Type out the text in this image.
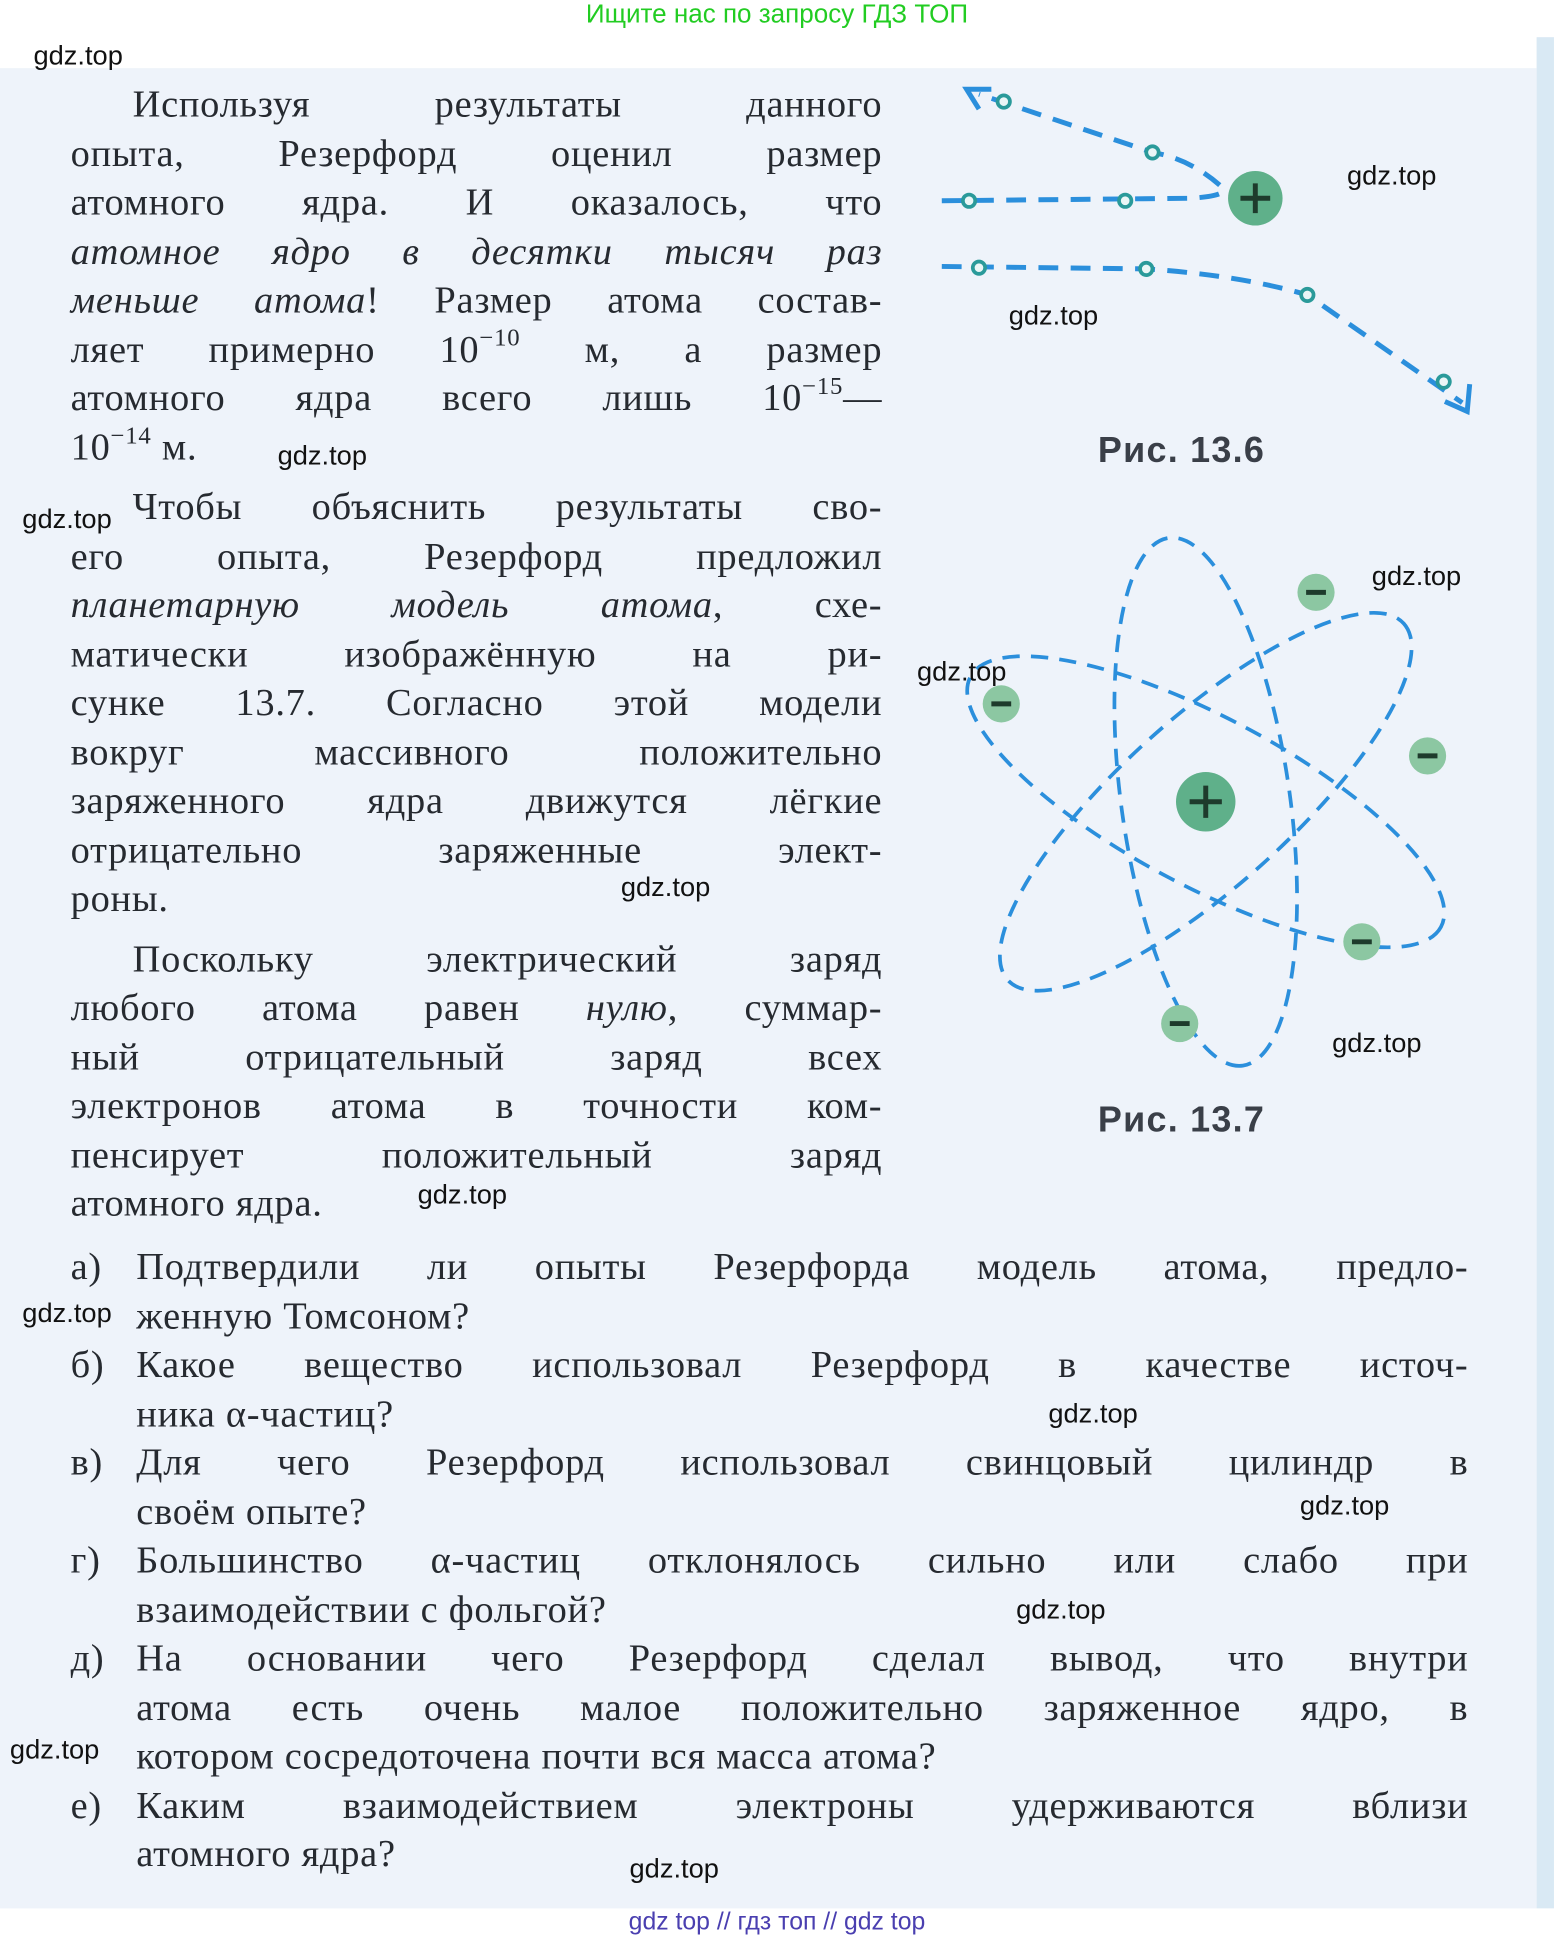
Ищите нас по запросу ГДЗ ТОП
Используя результаты данного
опыта, Резерфорд оценил размер
атомного ядра. И оказалось, что
атомное ядро в десятки тысяч раз
меньше атома! Размер атома состав-
ляет примерно $10^{-10}$ м, а размер
атомного ядра всего лишь $10^{-15}—$
$10^{-14}$ м.
Чтобы объяснить результаты сво-
его опыта, Резерфорд предложил
планетарную модель атома, схе-
матически изображённую на ри-
сунке 13.7. Согласно этой модели
вокруг массивного положительно
заряженного ядра движутся лёгкие
отрицательно заряженные элект-
роны.
Поскольку электрический заряд
любого атома равен нулю, суммар-
ный отрицательный заряд всех
электронов атома в точности ком-
пенсирует положительный заряд
атомного ядра.
а) Подтвердили ли опыты Резерфорда модель атома, предло-
женную Томсоном?
б) Какое вещество использовал Резерфорд в качестве источ-
ника α-частиц?
в) Для чего Резерфорд использовал свинцовый цилиндр в
своём опыте?
г) Большинство α-частиц отклонялось сильно или слабо при
взаимодействии с фольгой?
д) На основании чего Резерфорд сделал вывод, что внутри
атома есть очень малое положительно заряженное ядро, в
котором сосредоточена почти вся масса атома?
е) Каким взаимодействием электроны удерживаются вблизи
атомного ядра?
Рис. 13.6
Рис. 13.7
gdz.top
gdz.top
gdz.top
gdz.top
gdz.top
gdz.top
gdz.top
gdz.top
gdz.top
gdz.top
gdz.top
gdz.top
gdz.top
gdz.top
gdz.top
gdz.top
gdz top // гдз топ // gdz top
